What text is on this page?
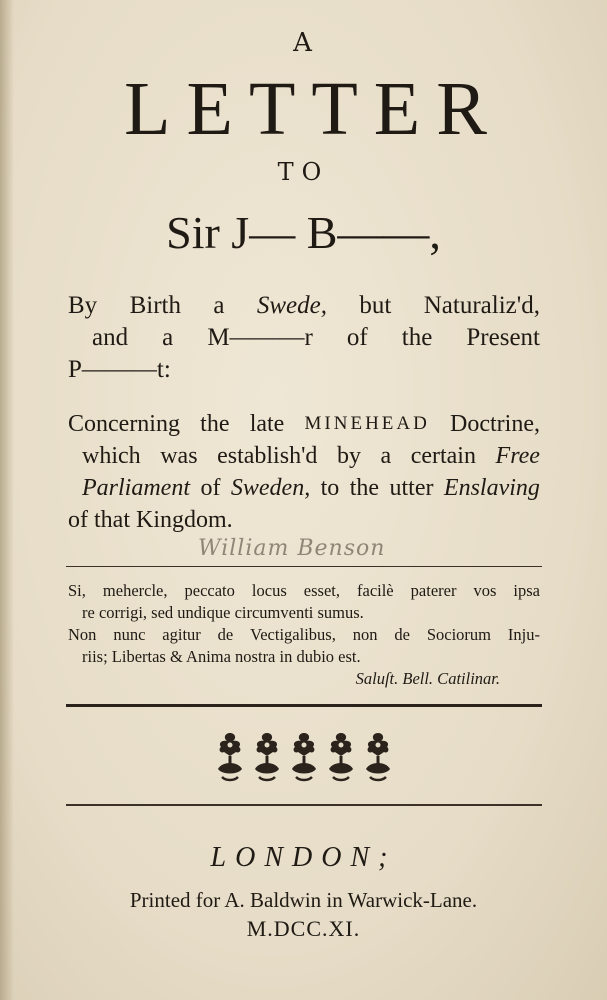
A
LETTER
TO
Sir J— B——,
By Birth a Swede, but Naturaliz'd,
and a M———r of the Present
P———t:
Concerning the late MINEHEAD Doctrine,
which was establish'd by a certain Free
Parliament of Sweden, to the utter Enslaving
of that Kingdom.
William Benson
Si, mehercle, peccato locus esset, facilè paterer vos ipsa
re corrigi, sed undique circumventi sumus.
Non nunc agitur de Vectigalibus, non de Sociorum Inju-
riis; Libertas & Anima nostra in dubio est.
Saluſt. Bell. Catilinar.
LONDON;
Printed for A. Baldwin in Warwick-Lane.
M.DCC.XI.
